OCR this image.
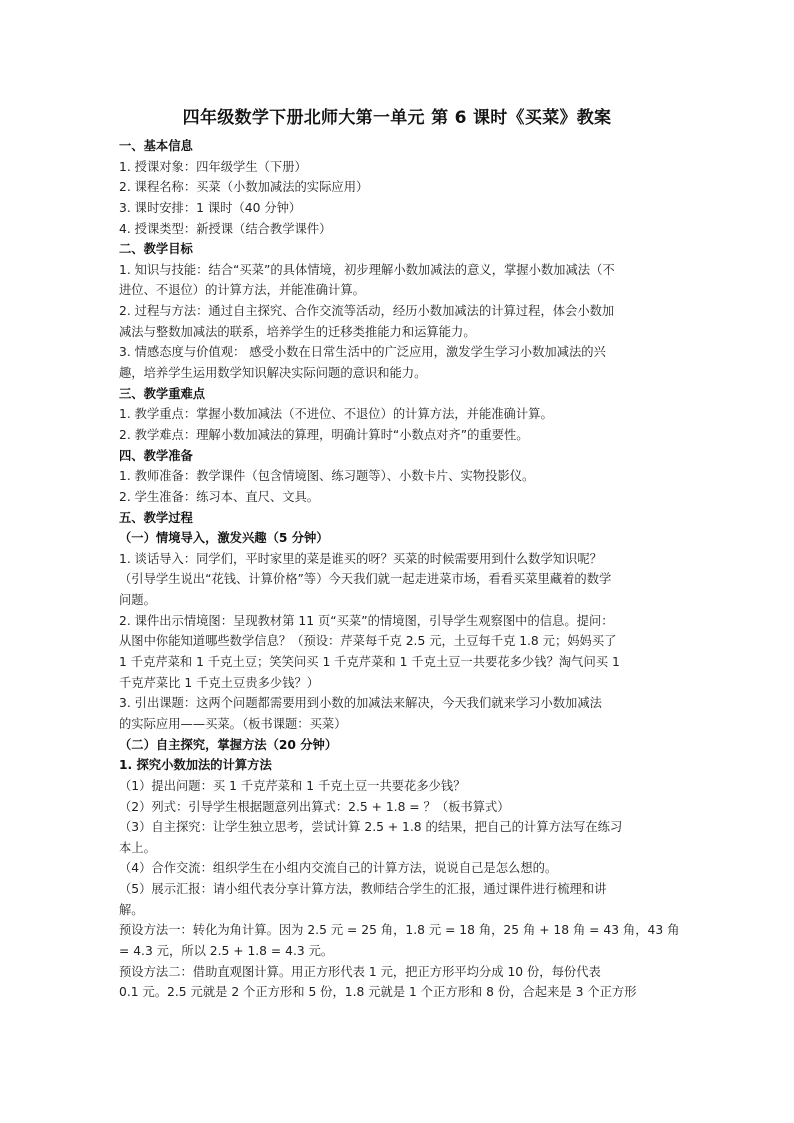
四年级数学下册北师大第一单元 第 6 课时《买菜》教案
一、基本信息
1. 授课对象：四年级学生（下册）
2. 课程名称：买菜（小数加减法的实际应用）
3. 课时安排：1 课时（40 分钟）
4. 授课类型：新授课（结合教学课件）
二、教学目标
1. 知识与技能：结合“买菜”的具体情境，初步理解小数加减法的意义，掌握小数加减法（不
进位、不退位）的计算方法，并能准确计算。
2. 过程与方法：通过自主探究、合作交流等活动，经历小数加减法的计算过程，体会小数加
减法与整数加减法的联系，培养学生的迁移类推能力和运算能力。
3. 情感态度与价值观： 感受小数在日常生活中的广泛应用，激发学生学习小数加减法的兴
趣，培养学生运用数学知识解决实际问题的意识和能力。
三、教学重难点
1. 教学重点：掌握小数加减法（不进位、不退位）的计算方法，并能准确计算。
2. 教学难点：理解小数加减法的算理，明确计算时“小数点对齐”的重要性。
四、教学准备
1. 教师准备：教学课件（包含情境图、练习题等）、小数卡片、实物投影仪。
2. 学生准备：练习本、直尺、文具。
五、教学过程
（一）情境导入，激发兴趣（5 分钟）
1. 谈话导入：同学们，平时家里的菜是谁买的呀？买菜的时候需要用到什么数学知识呢？
（引导学生说出“花钱、计算价格”等）今天我们就一起走进菜市场，看看买菜里藏着的数学
问题。
2. 课件出示情境图：呈现教材第 11 页“买菜”的情境图，引导学生观察图中的信息。提问：
从图中你能知道哪些数学信息？（预设：芹菜每千克 2.5 元，土豆每千克 1.8 元；妈妈买了
1 千克芹菜和 1 千克土豆；笑笑问买 1 千克芹菜和 1 千克土豆一共要花多少钱？淘气问买 1
千克芹菜比 1 千克土豆贵多少钱？）
3. 引出课题：这两个问题都需要用到小数的加减法来解决，今天我们就来学习小数加减法
的实际应用——买菜。（板书课题：买菜）
（二）自主探究，掌握方法（20 分钟）
1. 探究小数加法的计算方法
（1）提出问题：买 1 千克芹菜和 1 千克土豆一共要花多少钱？
（2）列式：引导学生根据题意列出算式：2.5 + 1.8 = ？（板书算式）
（3）自主探究：让学生独立思考，尝试计算 2.5 + 1.8 的结果，把自己的计算方法写在练习
本上。
（4）合作交流：组织学生在小组内交流自己的计算方法，说说自己是怎么想的。
（5）展示汇报：请小组代表分享计算方法，教师结合学生的汇报，通过课件进行梳理和讲
解。
预设方法一：转化为角计算。因为 2.5 元 = 25 角，1.8 元 = 18 角，25 角 + 18 角 = 43 角，43 角
= 4.3 元，所以 2.5 + 1.8 = 4.3 元。
预设方法二：借助直观图计算。用正方形代表 1 元，把正方形平均分成 10 份，每份代表
0.1 元。2.5 元就是 2 个正方形和 5 份，1.8 元就是 1 个正方形和 8 份，合起来是 3 个正方形
